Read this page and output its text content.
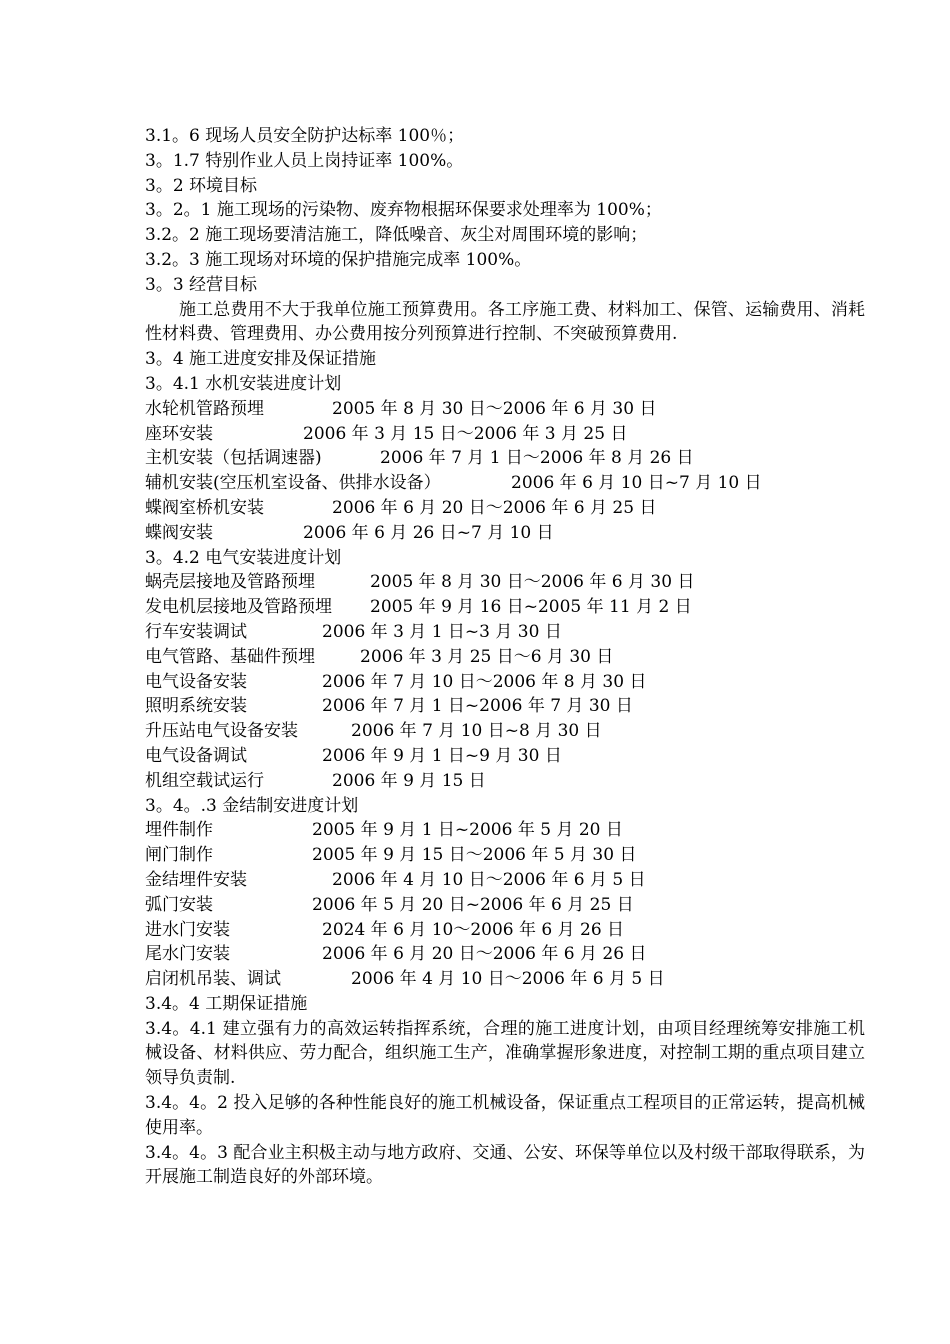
3.1。6 现场人员安全防护达标率 100％；
3。1.7 特别作业人员上岗持证率 100%。
3。2 环境目标
3。2。1 施工现场的污染物、废弃物根据环保要求处理率为 100%；
3.2。2 施工现场要清洁施工，降低噪音、灰尘对周围环境的影响；
3.2。3 施工现场对环境的保护措施完成率 100%。
3。3 经营目标
施工总费用不大于我单位施工预算费用。各工序施工费、材料加工、保管、运输费用、消耗性材料费、管理费用、办公费用按分列预算进行控制、不突破预算费用.
3。4 施工进度安排及保证措施
3。4.1 水机安装进度计划
水轮机管路预埋	2005 年 8 月 30 日～2006 年 6 月 30 日
座环安装	2006 年 3 月 15 日～2006 年 3 月 25 日
主机安装（包括调速器)	2006 年 7 月 1 日～2006 年 8 月 26 日
辅机安装(空压机室设备、供排水设备）	2006 年 6 月 10 日~7 月 10 日
蝶阀室桥机安装	2006 年 6 月 20 日～2006 年 6 月 25 日
蝶阀安装	2006 年 6 月 26 日~7 月 10 日
3。4.2 电气安装进度计划
蜗壳层接地及管路预埋	2005 年 8 月 30 日～2006 年 6 月 30 日
发电机层接地及管路预埋 2005 年 9 月 16 日~2005 年 11 月 2 日
行车安装调试	2006 年 3 月 1 日~3 月 30 日
电气管路、基础件预埋	2006 年 3 月 25 日～6 月 30 日
电气设备安装	2006 年 7 月 10 日～2006 年 8 月 30 日
照明系统安装	2006 年 7 月 1 日~2006 年 7 月 30 日
升压站电气设备安装	2006 年 7 月 10 日~8 月 30 日
电气设备调试	2006 年 9 月 1 日~9 月 30 日
机组空载试运行	2006 年 9 月 15 日
3。4。.3 金结制安进度计划
埋件制作	2005 年 9 月 1 日~2006 年 5 月 20 日
闸门制作	2005 年 9 月 15 日～2006 年 5 月 30 日
金结埋件安装	2006 年 4 月 10 日～2006 年 6 月 5 日
弧门安装	2006 年 5 月 20 日~2006 年 6 月 25 日
进水门安装	2024 年 6 月 10～2006 年 6 月 26 日
尾水门安装	2006 年 6 月 20 日～2006 年 6 月 26 日
启闭机吊装、调试	2006 年 4 月 10 日～2006 年 6 月 5 日
3.4。4 工期保证措施
3.4。4.1 建立强有力的高效运转指挥系统，合理的施工进度计划，由项目经理统筹安排施工机械设备、材料供应、劳力配合，组织施工生产，准确掌握形象进度，对控制工期的重点项目建立领导负责制.
3.4。4。2 投入足够的各种性能良好的施工机械设备，保证重点工程项目的正常运转，提高机械使用率。
3.4。4。3 配合业主积极主动与地方政府、交通、公安、环保等单位以及村级干部取得联系，为开展施工制造良好的外部环境。
